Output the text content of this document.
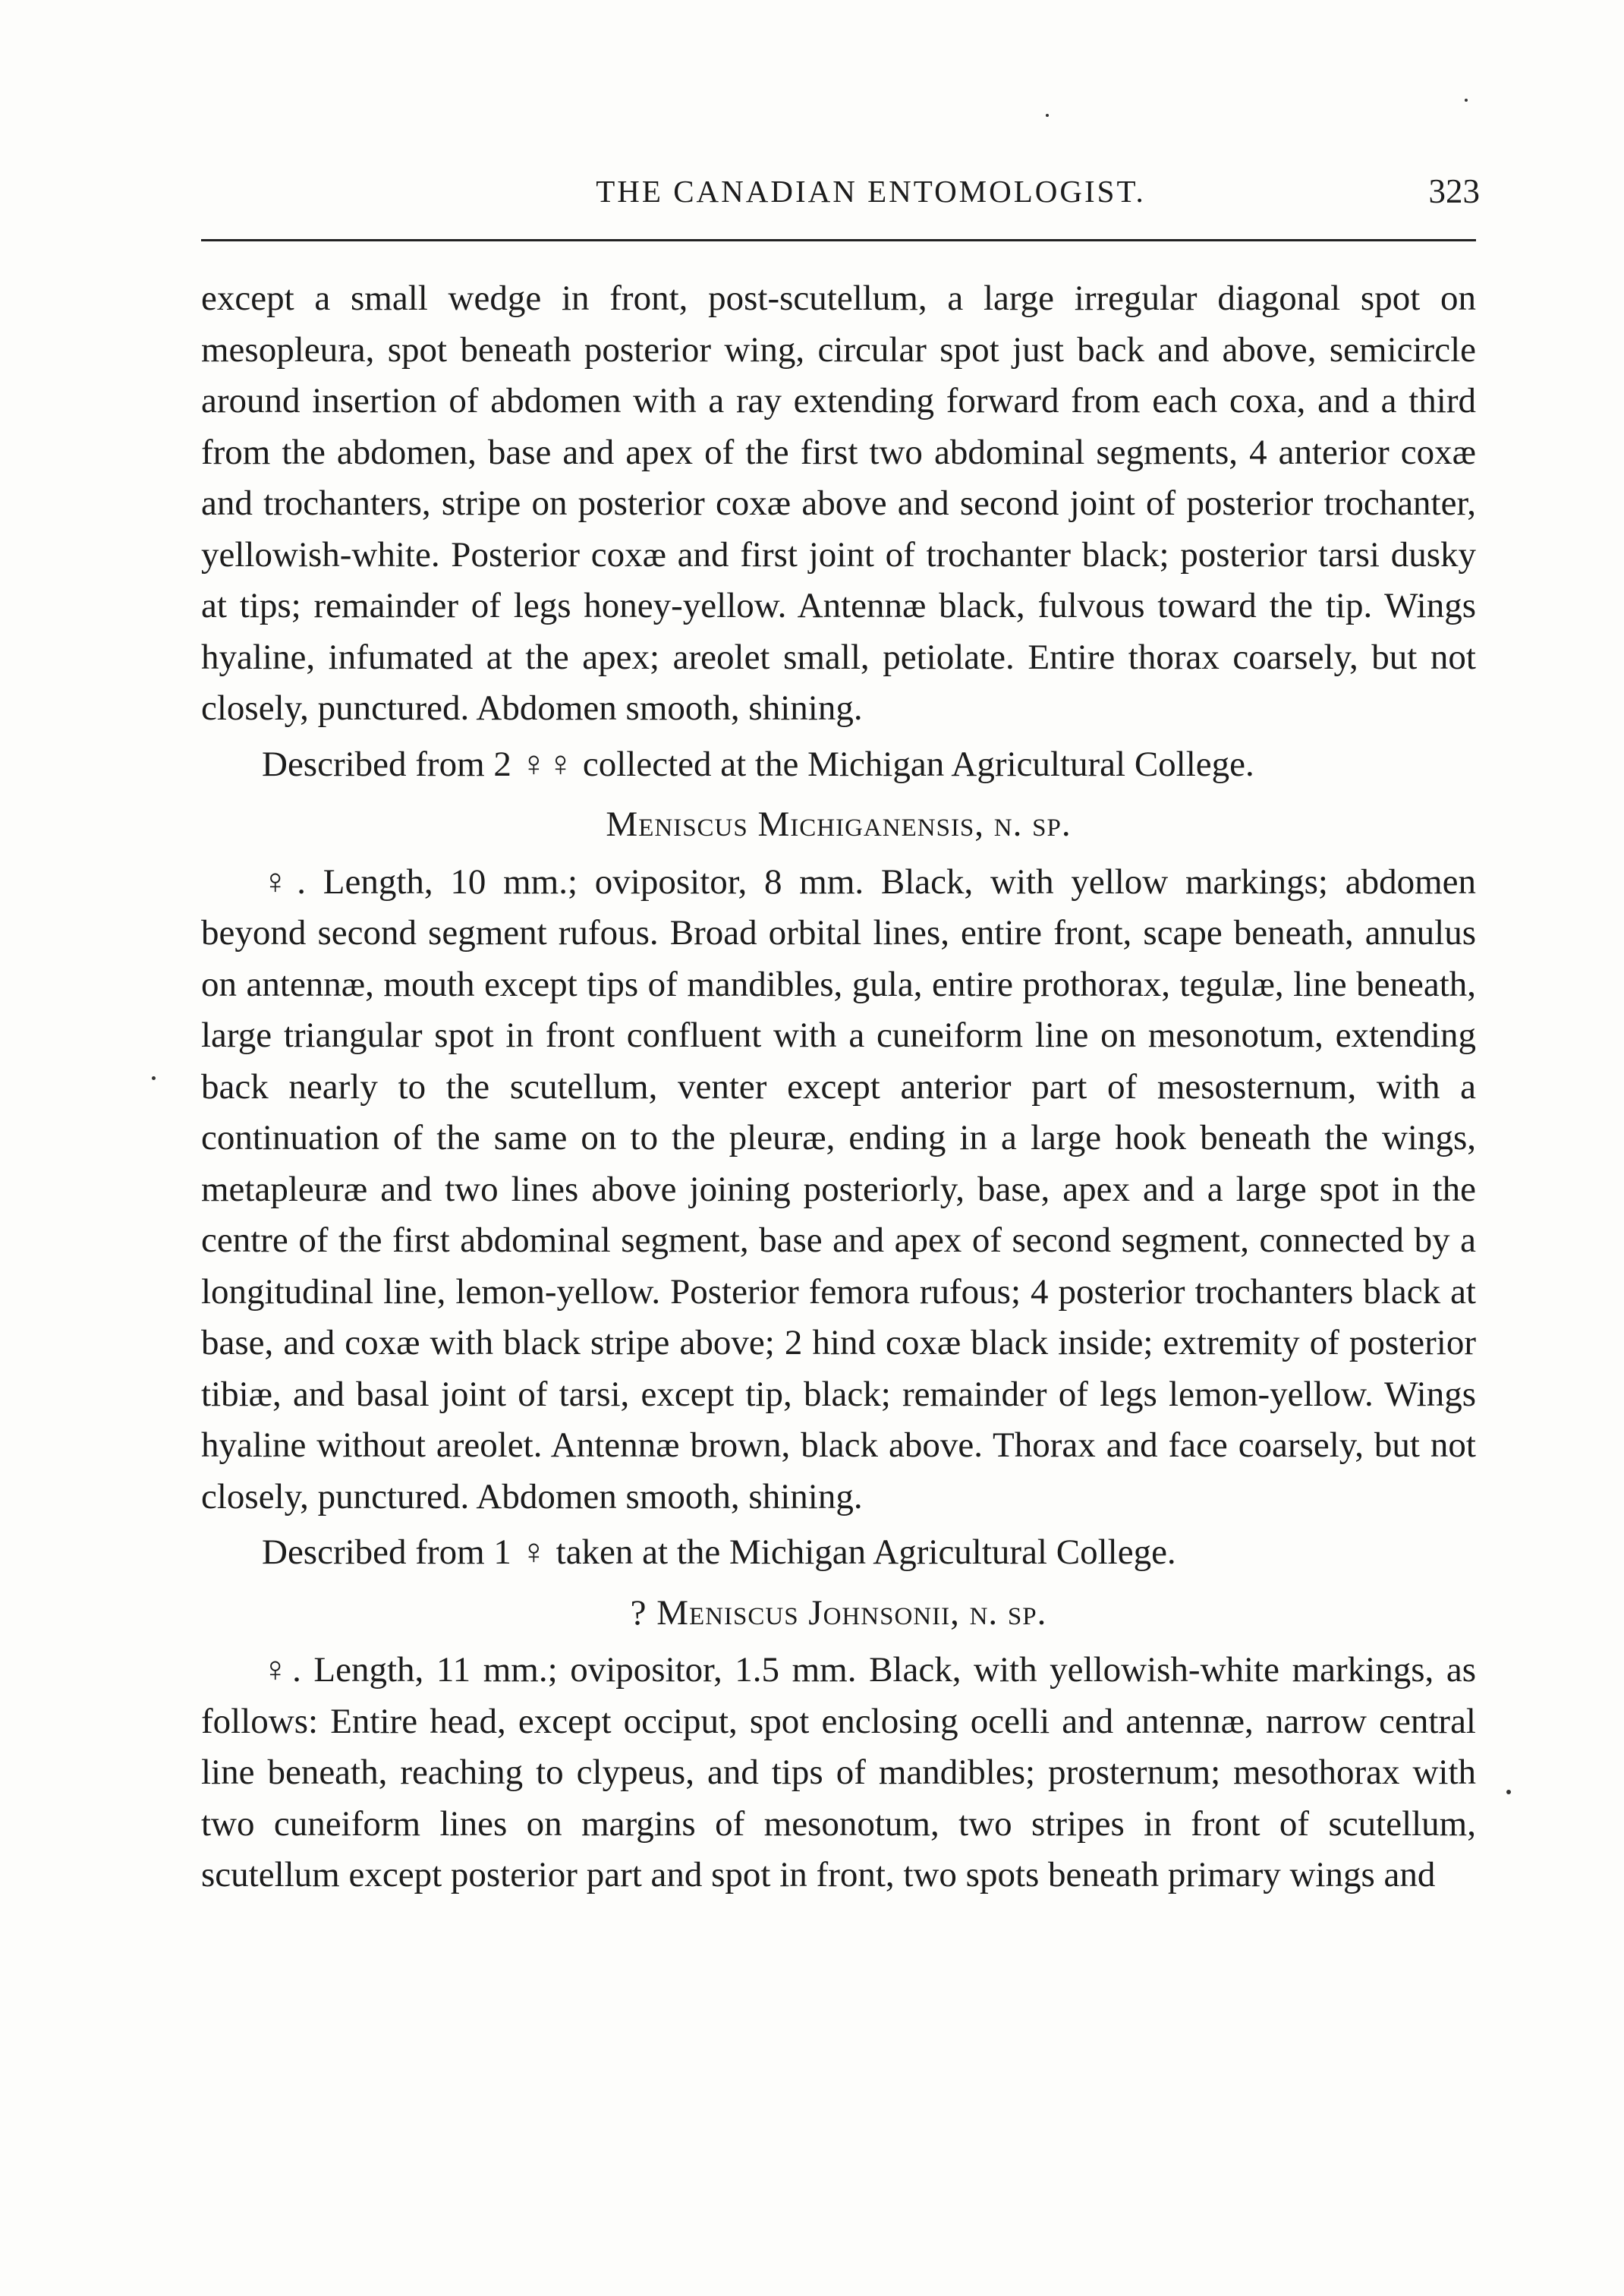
THE CANADIAN ENTOMOLOGIST.	323

except a small wedge in front, post-scutellum, a large irregular diagonal spot on mesopleura, spot beneath posterior wing, circular spot just back and above, semicircle around insertion of abdomen with a ray extending forward from each coxa, and a third from the abdomen, base and apex of the first two abdominal segments, 4 anterior coxæ and trochanters, stripe on posterior coxæ above and second joint of posterior trochanter, yellowish-white. Posterior coxæ and first joint of trochanter black; posterior tarsi dusky at tips; remainder of legs honey-yellow. Antennæ black, fulvous toward the tip. Wings hyaline, infumated at the apex; areolet small, petiolate. Entire thorax coarsely, but not closely, punctured. Abdomen smooth, shining.

Described from 2 ♀♀ collected at the Michigan Agricultural College.

Meniscus Michiganensis, n. sp.

♀. Length, 10 mm.; ovipositor, 8 mm. Black, with yellow markings; abdomen beyond second segment rufous. Broad orbital lines, entire front, scape beneath, annulus on antennæ, mouth except tips of mandibles, gula, entire prothorax, tegulæ, line beneath, large triangular spot in front confluent with a cuneiform line on mesonotum, extending back nearly to the scutellum, venter except anterior part of mesosternum, with a continuation of the same on to the pleuræ, ending in a large hook beneath the wings, metapleuræ and two lines above joining posteriorly, base, apex and a large spot in the centre of the first abdominal segment, base and apex of second segment, connected by a longitudinal line, lemon-yellow. Posterior femora rufous; 4 posterior trochanters black at base, and coxæ with black stripe above; 2 hind coxæ black inside; extremity of posterior tibiæ, and basal joint of tarsi, except tip, black; remainder of legs lemon-yellow. Wings hyaline without areolet. Antennæ brown, black above. Thorax and face coarsely, but not closely, punctured. Abdomen smooth, shining.

Described from 1 ♀ taken at the Michigan Agricultural College.

? Meniscus Johnsonii, n. sp.

♀. Length, 11 mm.; ovipositor, 1.5 mm. Black, with yellowish-white markings, as follows: Entire head, except occiput, spot enclosing ocelli and antennæ, narrow central line beneath, reaching to clypeus, and tips of mandibles; prosternum; mesothorax with two cuneiform lines on margins of mesonotum, two stripes in front of scutellum, scutellum except posterior part and spot in front, two spots beneath primary wings and
